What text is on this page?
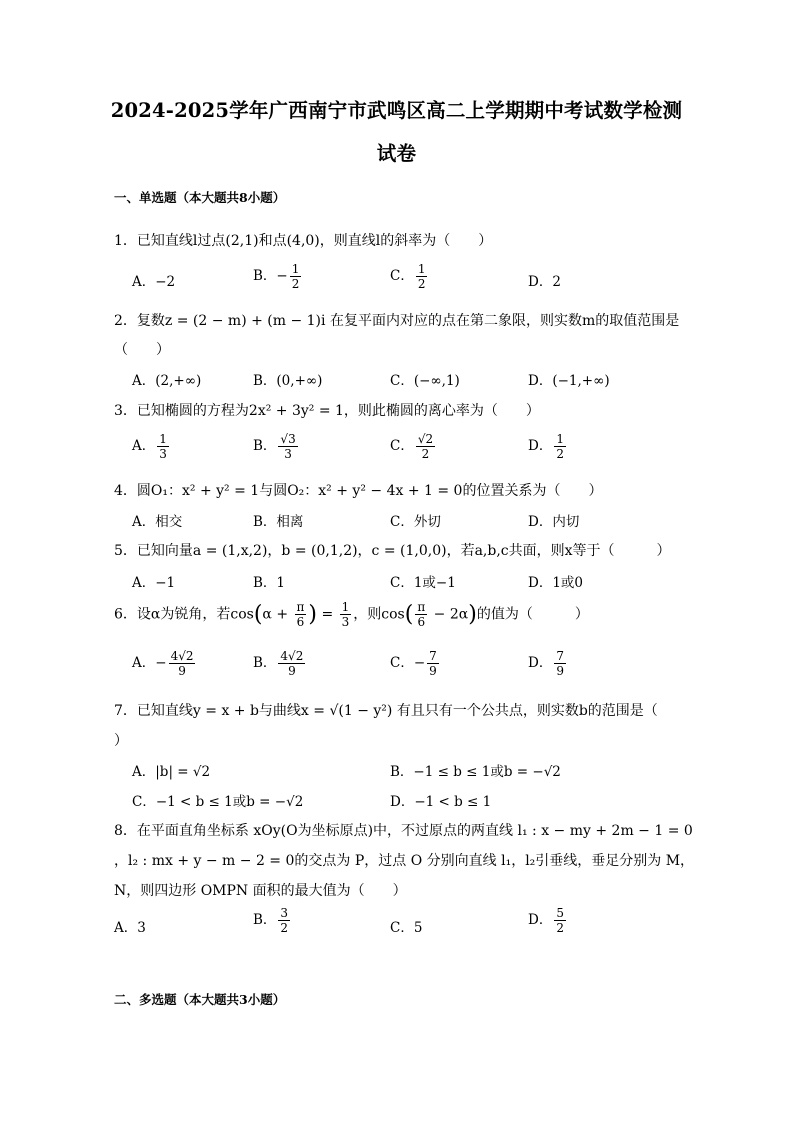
2024-2025学年广西南宁市武鸣区高二上学期期中考试数学检测
试卷
一、单选题（本大题共8小题）
1．已知直线l过点(2,1)和点(4,0)，则直线l的斜率为（　　）
A．−2	B．− $\frac{1}{2}$	C． $\frac{1}{2}$	D．2
2．复数z = (2 − m) + (m − 1)i 在复平面内对应的点在第二象限，则实数m的取值范围是
（　　）
A．(2,+∞)	B．(0,+∞)	C．(−∞,1)	D．(−1,+∞)
3．已知椭圆的方程为2x² + 3y² = 1，则此椭圆的离心率为（　　）
A． $\frac{1}{3}$	B． $\frac{√3}{3}$	C． $\frac{√2}{2}$	D． $\frac{1}{2}$
4．圆O₁：x² + y² = 1与圆O₂：x² + y² − 4x + 1 = 0的位置关系为（　　）
A．相交	B．相离	C．外切	D．内切
5．已知向量a = (1,x,2)，b = (0,1,2)，c = (1,0,0)，若a,b,c共面，则x等于（　　　）
A．−1	B．1	C．1或−1	D．1或0
6．设α为锐角，若$\cos(\alpha + \frac{\pi}{6}$ ) = $\frac{1}{3}$ ，则$\cos( \frac{\pi}{6} - 2\alpha)$的值为（　　　）
A．− $\frac{4√2}{9}$	B． $\frac{4√2}{9}$	C．− $\frac{7}{9}$	D． $\frac{7}{9}$
7．已知直线y = x + b与曲线x = √(1 − y²) 有且只有一个公共点，则实数b的范围是（
）
A．|b| = √2	B．−1 ≤ b ≤ 1或b = −√2
C．−1 < b ≤ 1或b = −√2	D．−1 < b ≤ 1
8．在平面直角坐标系 xOy(O为坐标原点)中，不过原点的两直线 l₁ : x − my + 2m − 1 = 0
，l₂ : mx + y − m − 2 = 0的交点为 P，过点 O 分别向直线 l₁，l₂引垂线，垂足分别为 M，
N，则四边形 OMPN 面积的最大值为（　　）
A．3	B． $\frac{3}{2}$	C．5	D． $\frac{5}{2}$
二、多选题（本大题共3小题）
